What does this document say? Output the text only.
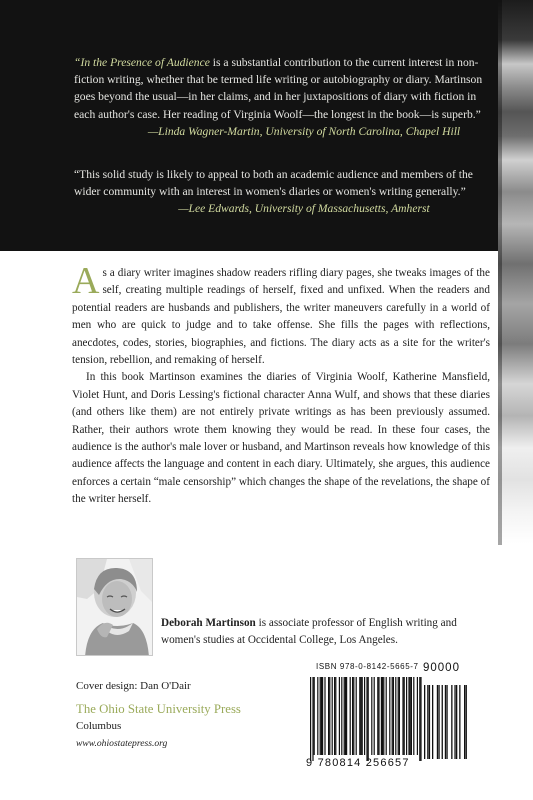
“In the Presence of Audience is a substantial contribution to the current interest in non-fiction writing, whether that be termed life writing or autobiography or diary. Martinson goes beyond the usual—in her claims, and in her juxtapositions of diary with fiction in each author's case. Her reading of Virginia Woolf—the longest in the book—is superb.”
—Linda Wagner-Martin, University of North Carolina, Chapel Hill
“This solid study is likely to appeal to both an academic audience and members of the wider community with an interest in women's diaries or women's writing generally.”
—Lee Edwards, University of Massachusetts, Amherst

As a diary writer imagines shadow readers rifling diary pages, she tweaks images of the self, creating multiple readings of herself, fixed and unfixed. When the readers and potential readers are husbands and publishers, the writer maneuvers carefully in a world of men who are quick to judge and to take offense. She fills the pages with reflections, anecdotes, codes, stories, biographies, and fictions. The diary acts as a site for the writer's tension, rebellion, and remaking of herself.

In this book Martinson examines the diaries of Virginia Woolf, Katherine Mansfield, Violet Hunt, and Doris Lessing's fictional character Anna Wulf, and shows that these diaries (and others like them) are not entirely private writings as has been previously assumed. Rather, their authors wrote them knowing they would be read. In these four cases, the audience is the author's male lover or husband, and Martinson reveals how knowledge of this audience affects the language and content in each diary. Ultimately, she argues, this audience enforces a certain “male censorship” which changes the shape of the revelations, the shape of the writer herself.

Deborah Martinson is associate professor of English writing and women's studies at Occidental College, Los Angeles.
Cover design: Dan O'Dair
The Ohio State University Press
Columbus
www.ohiostatepress.org
ISBN 978-0-8142-5665-7 90000
9 780814 256657
